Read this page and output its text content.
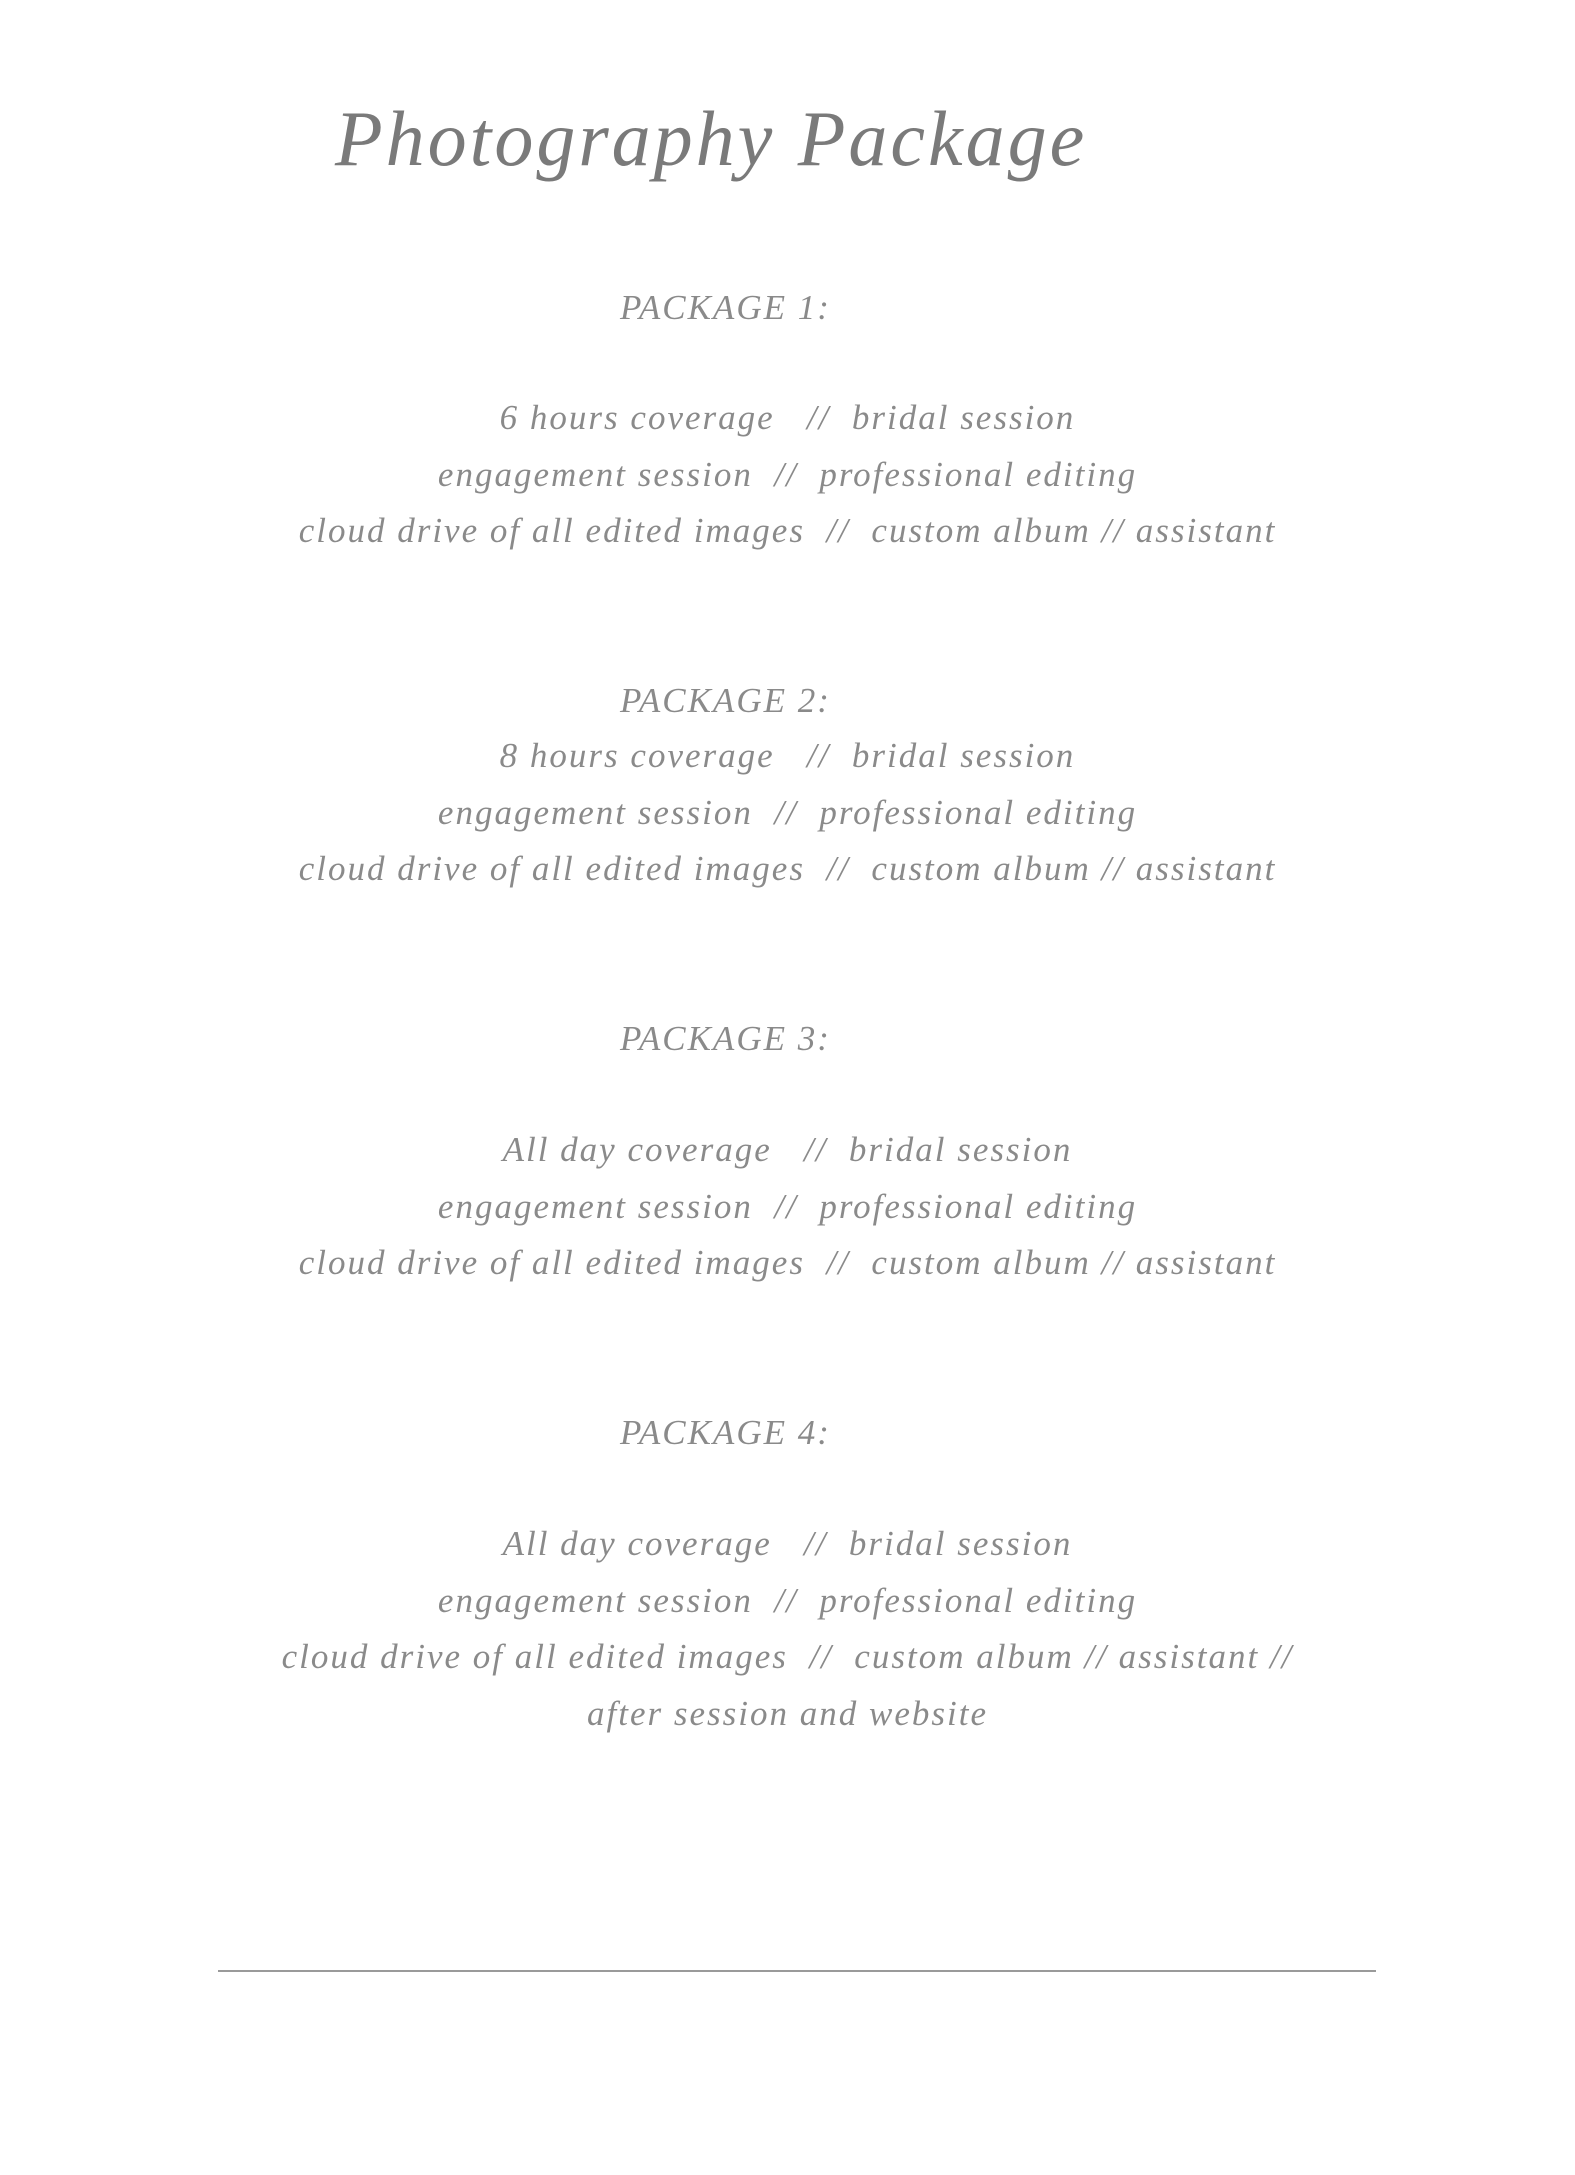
Photography Package
PACKAGE 1:
6 hours coverage   //  bridal session
engagement session  //  professional editing
cloud drive of all edited images  //  custom album // assistant
PACKAGE 2:
8 hours coverage   //  bridal session
engagement session  //  professional editing
cloud drive of all edited images  //  custom album // assistant
PACKAGE 3:
All day coverage   //  bridal session
engagement session  //  professional editing
cloud drive of all edited images  //  custom album // assistant
PACKAGE 4:
All day coverage   //  bridal session
engagement session  //  professional editing
cloud drive of all edited images  //  custom album // assistant //
after session and website
